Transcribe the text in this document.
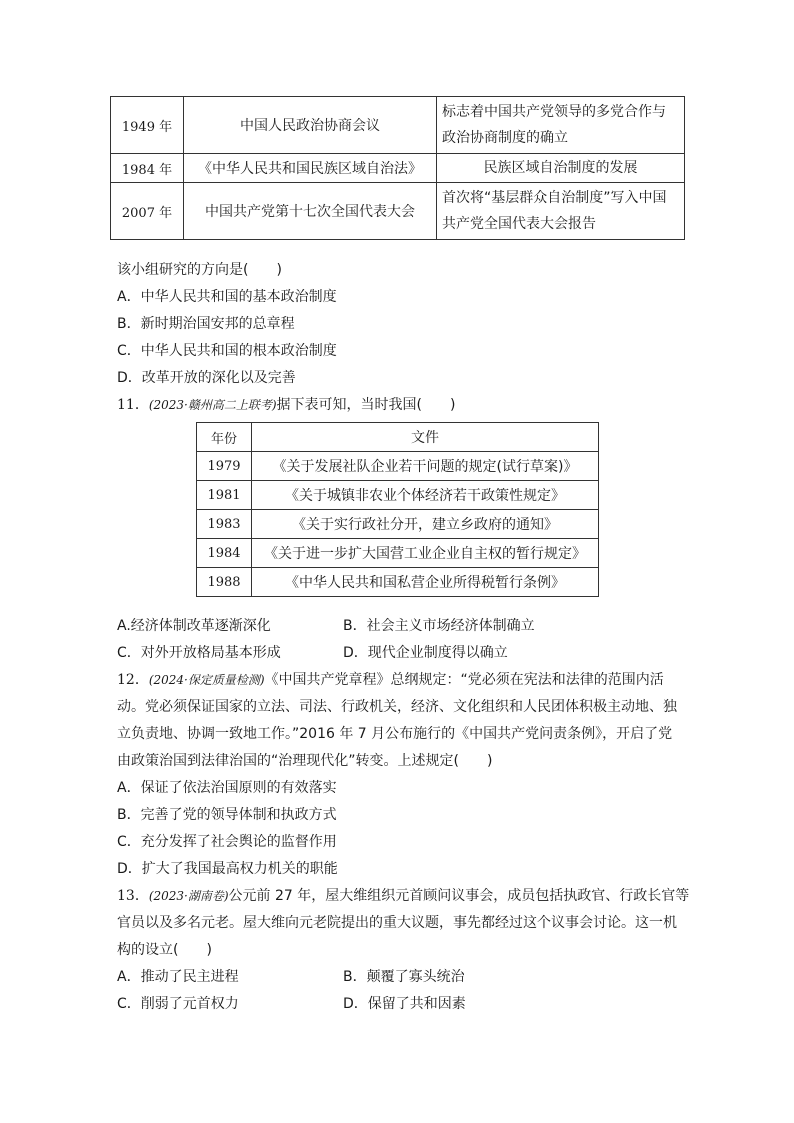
1949 年	中国人民政治协商会议	标志着中国共产党领导的多党合作与
政治协商制度的确立

1984 年	《中华人民共和国民族区域自治法》	民族区域自治制度的发展
2007 年	中国共产党第十七次全国代表大会	首次将“基层群众自治制度”写入中国
共产党全国代表大会报告
该小组研究的方向是(　　)
A．中华人民共和国的基本政治制度
B．新时期治国安邦的总章程
C．中华人民共和国的根本政治制度
D．改革开放的深化以及完善
11．(2023·赣州高二上联考)据下表可知，当时我国(　　)
年份	文件
1979	《关于发展社队企业若干问题的规定(试行草案)》
1981	《关于城镇非农业个体经济若干政策性规定》
1983	《关于实行政社分开，建立乡政府的通知》
1984	《关于进一步扩大国营工业企业自主权的暂行规定》
1988	《中华人民共和国私营企业所得税暂行条例》
A.经济体制改革逐渐深化	B．社会主义市场经济体制确立
C．对外开放格局基本形成	D．现代企业制度得以确立
12．(2024·保定质量检测)《中国共产党章程》总纲规定：“党必须在宪法和法律的范围内活
动。党必须保证国家的立法、司法、行政机关，经济、文化组织和人民团体积极主动地、独
立负责地、协调一致地工作。”2016 年 7 月公布施行的《中国共产党问责条例》，开启了党
由政策治国到法律治国的“治理现代化”转变。上述规定(　　)
A．保证了依法治国原则的有效落实
B．完善了党的领导体制和执政方式
C．充分发挥了社会舆论的监督作用
D．扩大了我国最高权力机关的职能
13．(2023·湖南卷)公元前 27 年，屋大维组织元首顾问议事会，成员包括执政官、行政长官等
官员以及多名元老。屋大维向元老院提出的重大议题，事先都经过这个议事会讨论。这一机
构的设立(　　)
A．推动了民主进程	B．颠覆了寡头统治
C．削弱了元首权力	D．保留了共和因素
